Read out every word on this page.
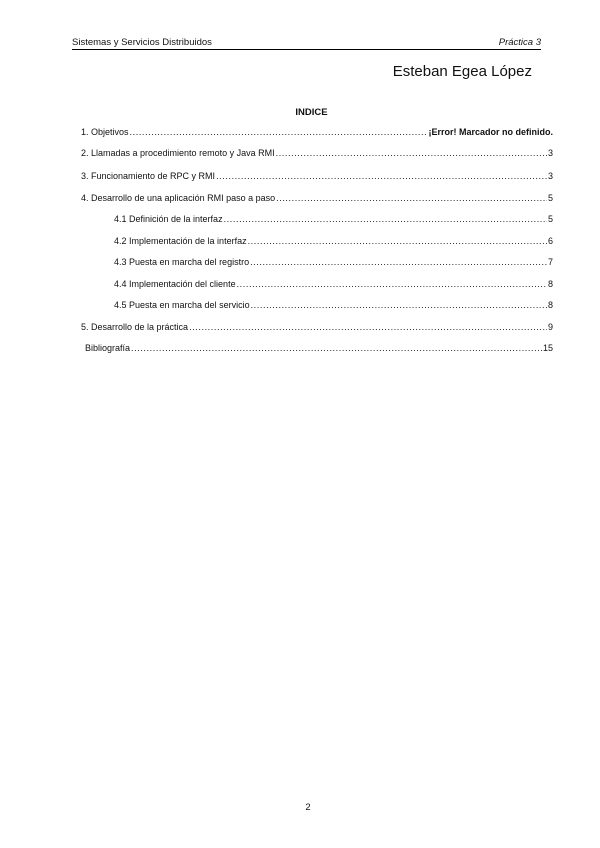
Sistemas y Servicios Distribuidos	Práctica 3
Esteban Egea López
INDICE
1. Objetivos .....	¡Error! Marcador no definido.
2. Llamadas a procedimiento remoto y Java RMI .....	3
3. Funcionamiento de RPC y RMI .....	3
4. Desarrollo de una aplicación RMI paso a paso .....	5
4.1 Definición de la interfaz .....	5
4.2 Implementación de la interfaz .....	6
4.3 Puesta en marcha del registro .....	7
4.4 Implementación del cliente .....	8
4.5 Puesta en marcha del servicio .....	8
5. Desarrollo de la práctica .....	9
Bibliografía .....	15
2
